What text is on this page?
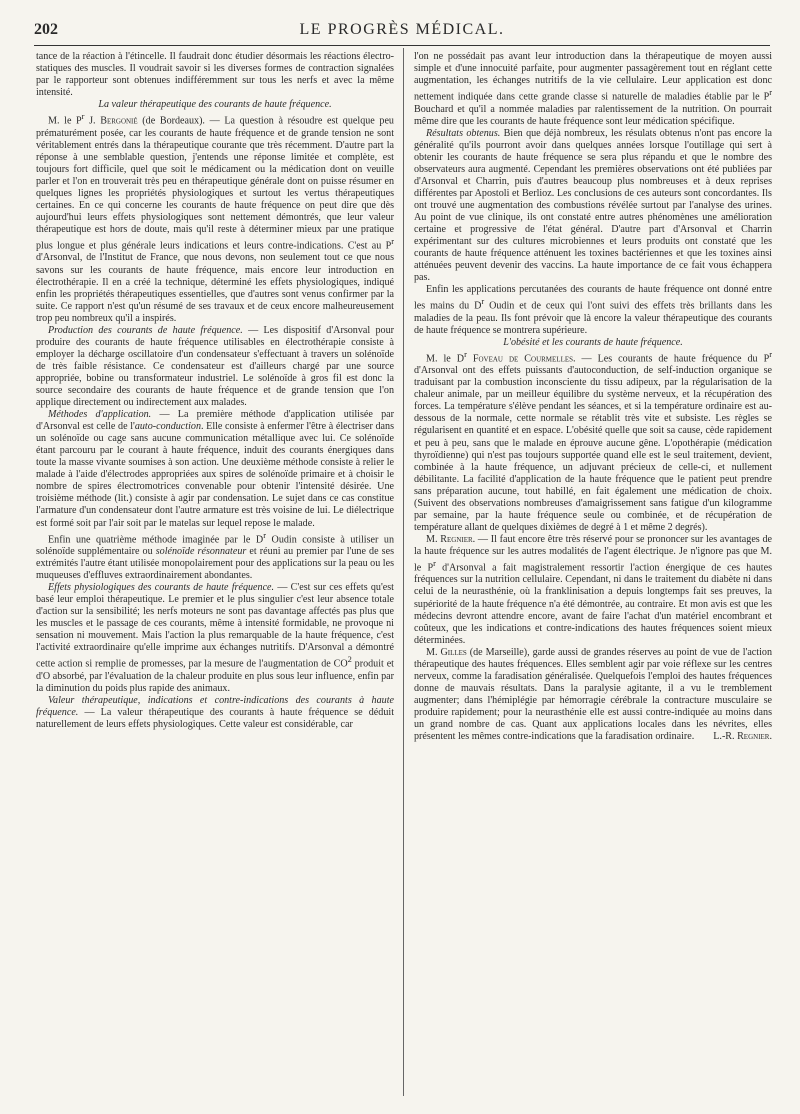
202	LE PROGRÈS MÉDICAL.

tance de la réaction à l'étincelle. Il faudrait donc étudier désormais les réactions électro-statiques des muscles. Il voudrait savoir si les diverses formes de contraction signalées par le rapporteur sont obtenues indifféremment sur tous les nerfs et avec la même intensité.

La valeur thérapeutique des courants de haute fréquence.

M. le $P^r$ J. Bergonié (de Bordeaux). — La question à résoudre est quelque peu prématurément posée, car les courants de haute fréquence et de grande tension ne sont véritablement entrés dans la thérapeutique courante que très récemment. D'autre part la réponse à une semblable question, j'entends une réponse limitée et complète, est toujours fort difficile, quel que soit le médicament ou la médication dont on veuille parler et l'on en trouverait très peu en thérapeutique générale dont on puisse résumer en quelques lignes les propriétés physiologiques et surtout les vertus thérapeutiques certaines. En ce qui concerne les courants de haute fréquence on peut dire que dès aujourd'hui leurs effets physiologiques sont nettement démontrés, que leur valeur thérapeutique est hors de doute, mais qu'il reste à déterminer mieux par une pratique plus longue et plus générale leurs indications et leurs contre-indications. C'est au $P^r$ d'Arsonval, de l'Institut de France, que nous devons, non seulement tout ce que nous savons sur les courants de haute fréquence, mais encore leur introduction en électrothérapie. Il en a créé la technique, déterminé les effets physiologiques, indiqué enfin les propriétés thérapeutiques essentielles, que d'autres sont venus confirmer par la suite. Ce rapport n'est qu'un résumé de ses travaux et de ceux encore malheureusement trop peu nombreux qu'il a inspirés.

Production des courants de haute fréquence. — Les dispositif d'Arsonval pour produire des courants de haute fréquence utilisables en électrothérapie consiste à employer la décharge oscillatoire d'un condensateur s'effectuant à travers un solénoïde de très faible résistance. Ce condensateur est d'ailleurs chargé par une source appropriée, bobine ou transformateur industriel. Le solénoïde à gros fil est donc la source secondaire des courants de haute fréquence et de grande tension que l'on applique directement ou indirectement aux malades.

Méthodes d'application. — La première méthode d'application utilisée par d'Arsonval est celle de l'auto-conduction. Elle consiste à enfermer l'être à électriser dans un solénoïde ou cage sans aucune communication métallique avec lui. Ce solénoïde étant parcouru par le courant à haute fréquence, induit des courants énergiques dans toute la masse vivante soumises à son action. Une deuxième méthode consiste à relier le malade à l'aide d'électrodes appropriées aux spires de solénoïde primaire et à choisir le nombre de spires électromotrices convenable pour obtenir l'intensité désirée. Une troisième méthode (lit.) consiste à agir par condensation. Le sujet dans ce cas constitue l'armature d'un condensateur dont l'autre armature est très voisine de lui. Le diélectrique est formé soit par l'air soit par le matelas sur lequel repose le malade.

Enfin une quatrième méthode imaginée par le $D^r$ Oudin consiste à utiliser un solénoïde supplémentaire ou solénoïde résonnateur et réuni au premier par l'une de ses extrémités l'autre étant utilisée monopolairement pour des applications sur la peau ou les muqueuses d'effluves extraordinairement abondantes.

Effets physiologiques des courants de haute fréquence. — C'est sur ces effets qu'est basé leur emploi thérapeutique. Le premier et le plus singulier c'est leur absence totale d'action sur la sensibilité; les nerfs moteurs ne sont pas davantage affectés pas plus que les muscles et le passage de ces courants, même à intensité formidable, ne provoque ni sensation ni mouvement. Mais l'action la plus remarquable de la haute fréquence, c'est l'activité extraordinaire qu'elle imprime aux échanges nutritifs. D'Arsonval a démontré cette action si remplie de promesses, par la mesure de l'augmentation de $CO^2$ produit et d'O absorbé, par l'évaluation de la chaleur produite en plus sous leur influence, enfin par la diminution du poids plus rapide des animaux.

Valeur thérapeutique, indications et contre-indications des courants à haute fréquence. — La valeur thérapeutique des courants à haute fréquence se déduit naturellement de leurs effets physiologiques. Cette valeur est considérable, car

l'on ne possédait pas avant leur introduction dans la thérapeutique de moyen aussi simple et d'une innocuité parfaite, pour augmenter passagèrement tout en réglant cette augmentation, les échanges nutritifs de la vie cellulaire. Leur application est donc nettement indiquée dans cette grande classe si naturelle de maladies établie par le $P^r$ Bouchard et qu'il a nommée maladies par ralentissement de la nutrition. On pourrait même dire que les courants de haute fréquence sont leur médication spécifique.

Résultats obtenus. Bien que déjà nombreux, les résulats obtenus n'ont pas encore la généralité qu'ils pourront avoir dans quelques années lorsque l'outillage qui sert à obtenir les courants de haute fréquence se sera plus répandu et que le nombre des observateurs aura augmenté. Cependant les premières observations ont été publiées par d'Arsonval et Charrin, puis d'autres beaucoup plus nombreuses et à deux reprises différentes par Apostoli et Berlioz. Les conclusions de ces auteurs sont concordantes. Ils ont trouvé une augmentation des combustions révélée surtout par l'analyse des urines. Au point de vue clinique, ils ont constaté entre autres phénomènes une amélioration certaine et progressive de l'état général. D'autre part d'Arsonval et Charrin expérimentant sur des cultures microbiennes et leurs produits ont constaté que les courants de haute fréquence atténuent les toxines bactériennes et que les toxines ainsi atténuées peuvent devenir des vaccins. La haute importance de ce fait vous échappera pas.

Enfin les applications percutanées des courants de haute fréquence ont donné entre les mains du $D^r$ Oudin et de ceux qui l'ont suivi des effets très brillants dans les maladies de la peau. Ils font prévoir que là encore la valeur thérapeutique des courants de haute fréquence se montrera supérieure.

L'obésité et les courants de haute fréquence.

M. le $D^r$ Foveau de Courmelles. — Les courants de haute fréquence du $P^r$ d'Arsonval ont des effets puissants d'autoconduction, de self-induction organique se traduisant par la combustion inconsciente du tissu adipeux, par la régularisation de la chaleur animale, par un meilleur équilibre du système nerveux, et la récupération des forces. La température s'élève pendant les séances, et si la température ordinaire est au-dessous de la normale, cette normale se rétablit très vite et subsiste. Les règles se régularisent en quantité et en espace. L'obésité quelle que soit sa cause, cède rapidement et peu à peu, sans que le malade en éprouve aucune gêne. L'opothérapie (médication thyroïdienne) qui n'est pas toujours supportée quand elle est le seul traitement, devient, combinée à la haute fréquence, un adjuvant précieux de celle-ci, et nullement débilitante. La facilité d'application de la haute fréquence que le patient peut prendre sans préparation aucune, tout habillé, en fait également une médication de choix. (Suivent des observations nombreuses d'amaigrissement sans fatigue d'un kilogramme par semaine, par la haute fréquence seule ou combinée, et de récupération de température allant de quelques dixièmes de degré à 1 et même 2 degrés).

M. Regnier. — Il faut encore être très réservé pour se prononcer sur les avantages de la haute fréquence sur les autres modalités de l'agent électrique. Je n'ignore pas que M. le $P^r$ d'Arsonval a fait magistralement ressortir l'action énergique de ces hautes fréquences sur la nutrition cellulaire. Cependant, ni dans le traitement du diabète ni dans celui de la neurasthénie, où la franklinisation a depuis longtemps fait ses preuves, la supériorité de la haute fréquence n'a été démontrée, au contraire. Et mon avis est que les médecins devront attendre encore, avant de faire l'achat d'un matériel encombrant et coûteux, que les indications et contre-indications des hautes fréquences soient mieux déterminées.

M. Gilles (de Marseille), garde aussi de grandes réserves au point de vue de l'action thérapeutique des hautes fréquences. Elles semblent agir par voie réflexe sur les centres nerveux, comme la faradisation généralisée. Quelquefois l'emploi des hautes fréquences donne de mauvais résultats. Dans la paralysie agitante, il a vu le tremblement augmenter; dans l'hémiplégie par hémorragie cérébrale la contracture musculaire se produire rapidement; pour la neurasthénie elle est aussi contre-indiquée au moins dans un grand nombre de cas. Quant aux applications locales dans les névrites, elles présentent les mêmes contre-indications que la faradisation ordinaire.	L.-R. Regnier.
